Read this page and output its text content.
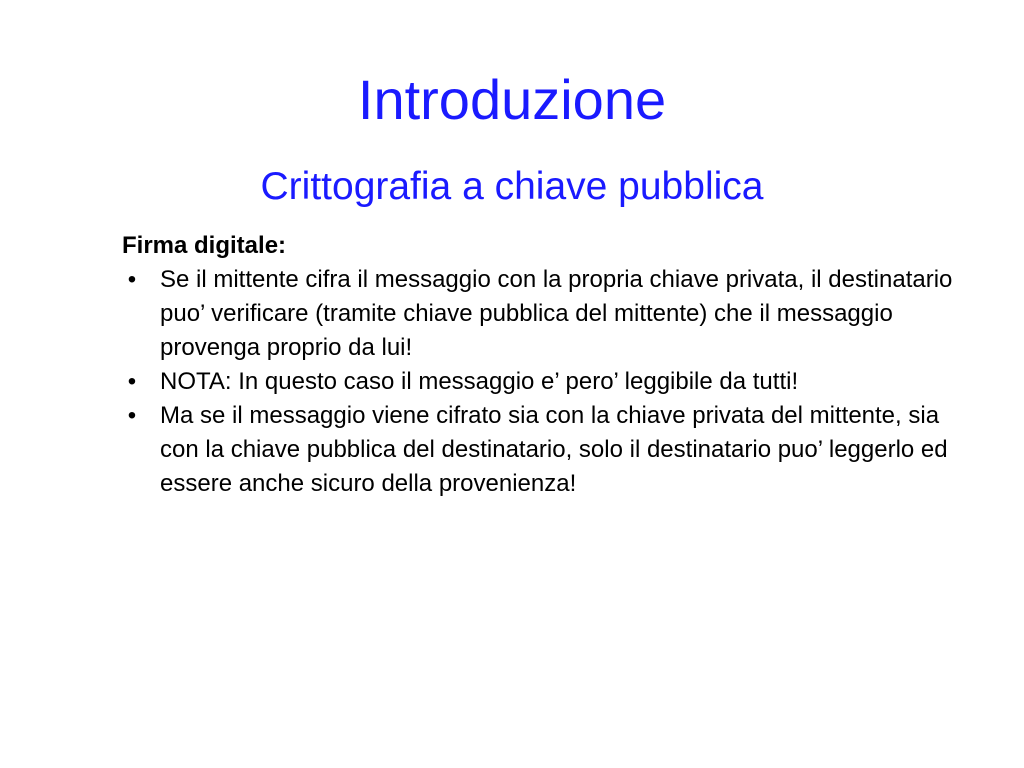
Introduzione
Crittografia a chiave pubblica

Firma digitale:

• Se il mittente cifra il messaggio con la propria chiave privata, il destinatario puo’ verificare (tramite chiave pubblica del mittente) che il messaggio provenga proprio da lui!
• NOTA: In questo caso il messaggio e’ pero’ leggibile da tutti!
• Ma se il messaggio viene cifrato sia con la chiave privata del mittente, sia con la chiave pubblica del destinatario, solo il destinatario puo’ leggerlo ed essere anche sicuro della provenienza!
